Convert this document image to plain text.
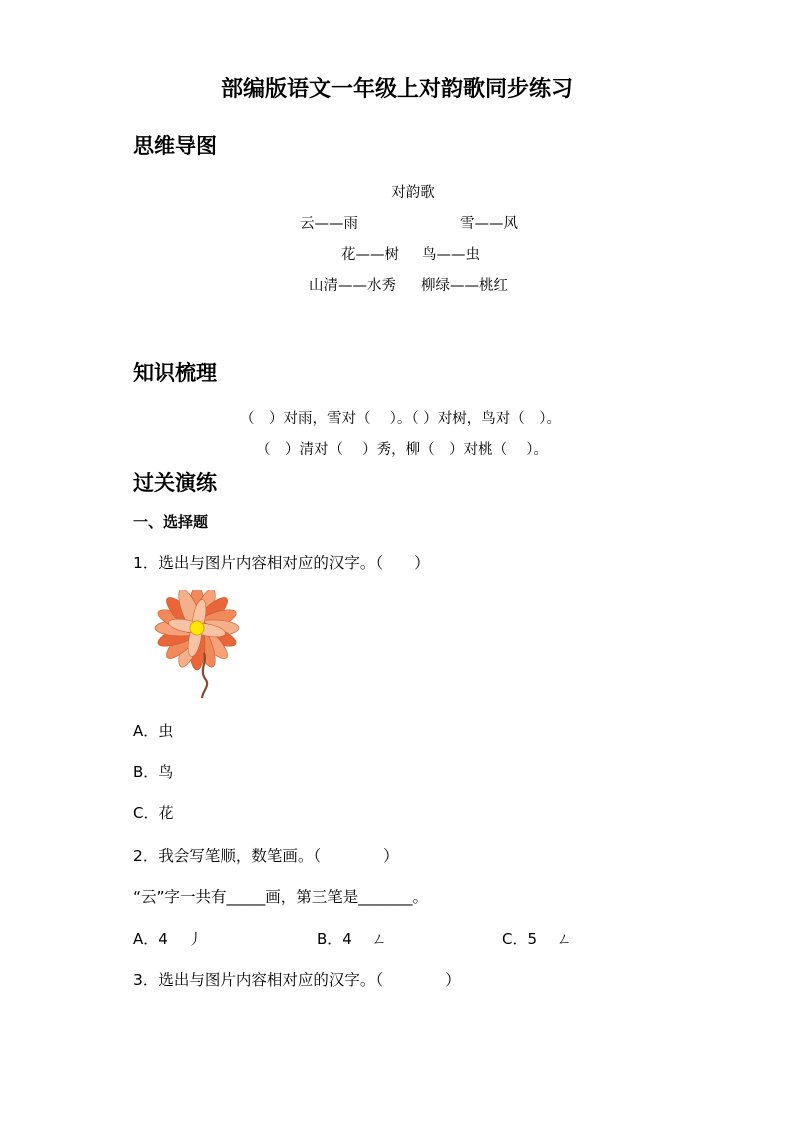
部编版语文一年级上对韵歌同步练习
思维导图
对韵歌
云——雨	雪——风
花——树 鸟——虫
山清——水秀 柳绿——桃红
知识梳理
（　）对雨，雪对（　 ）。（ ）对树，鸟对（　）。
（　）清对（　 ）秀，柳（　）对桃（　 ）。
过关演练
一、选择题
1．选出与图片内容相对应的汉字。（　　）
A．虫
B．鸟
C．花
2．我会写笔顺，数笔画。（　　　　）
“云”字一共有_____画，第三笔是_______。
A．4　 丿	B．4　 ㄥ	C．5　 ㄥ
3．选出与图片内容相对应的汉字。（　　　　）
